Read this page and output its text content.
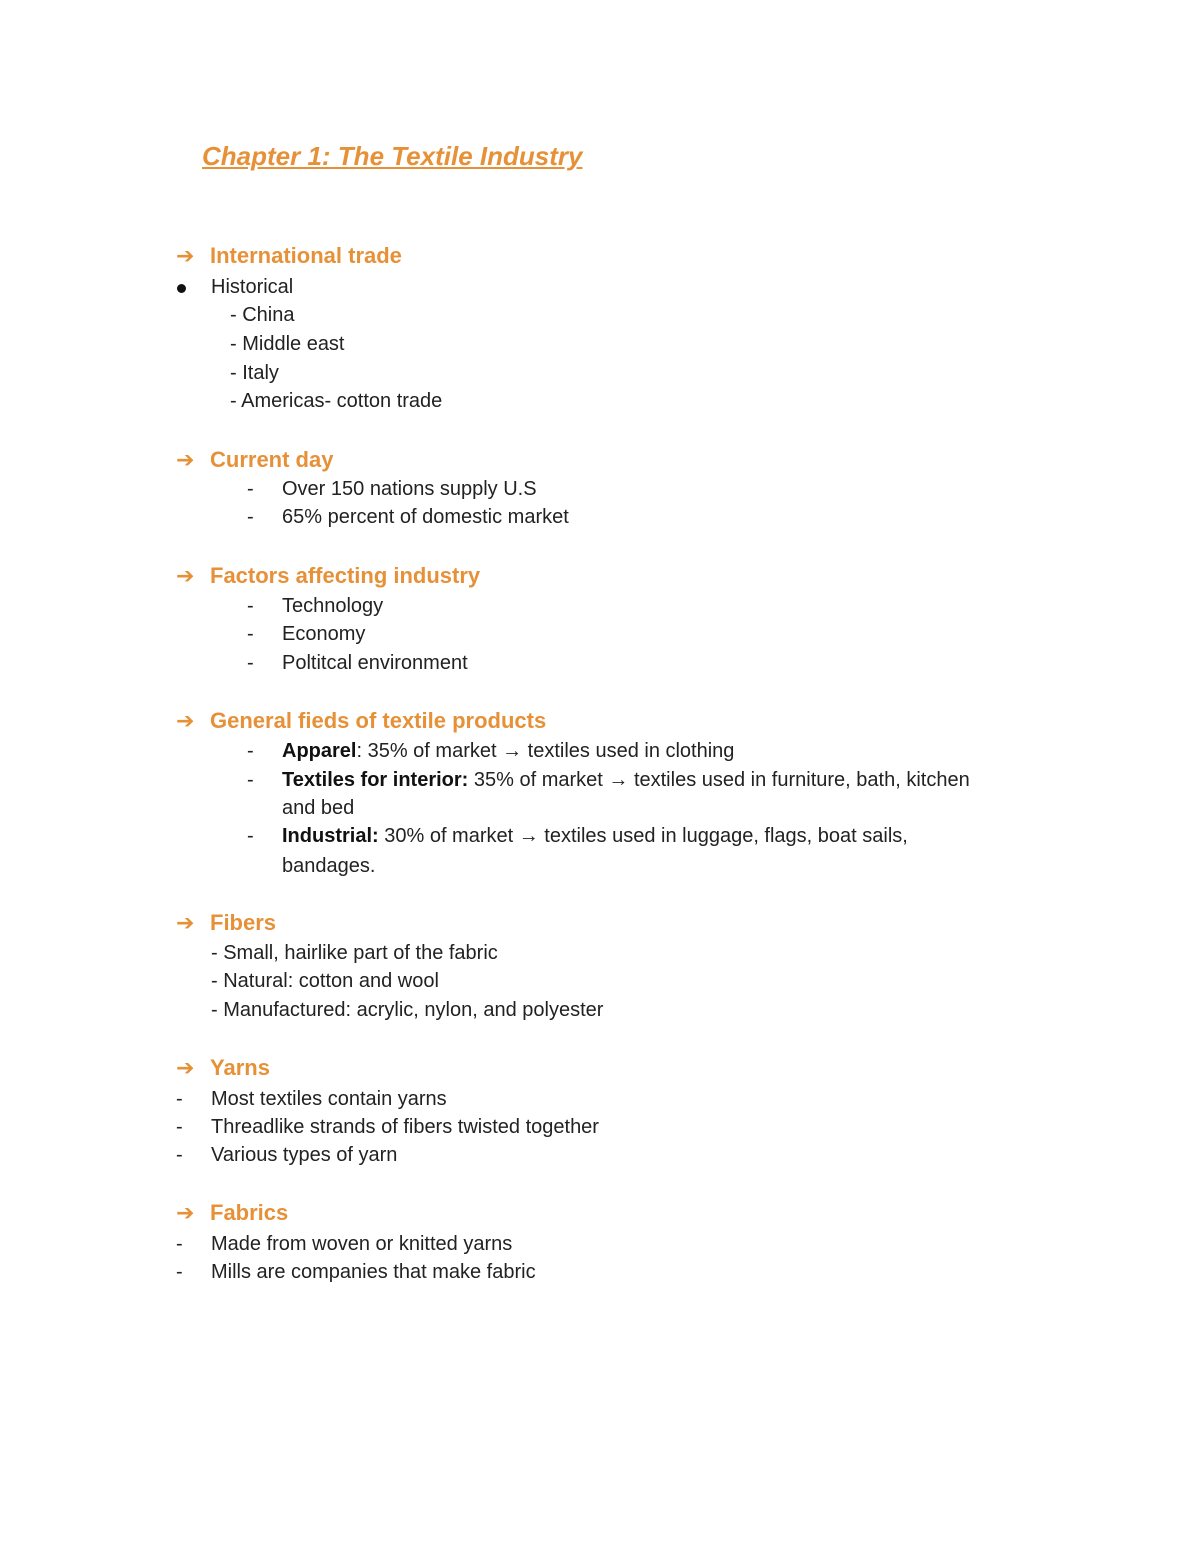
Chapter 1: The Textile Industry
➔ International trade
Historical
- China
- Middle east
- Italy
- Americas- cotton trade
➔ Current day
- Over 150 nations supply U.S
- 65% percent of domestic market
➔ Factors affecting industry
- Technology
- Economy
- Poltitcal environment
➔ General fieds of textile products
- Apparel: 35% of market → textiles used in clothing
- Textiles for interior: 35% of market → textiles used in furniture, bath, kitchen
and bed
- Industrial: 30% of market → textiles used in luggage, flags, boat sails,
bandages.
➔ Fibers
- Small, hairlike part of the fabric
- Natural: cotton and wool
- Manufactured: acrylic, nylon, and polyester
➔ Yarns
- Most textiles contain yarns
- Threadlike strands of fibers twisted together
- Various types of yarn
➔ Fabrics
- Made from woven or knitted yarns
- Mills are companies that make fabric
